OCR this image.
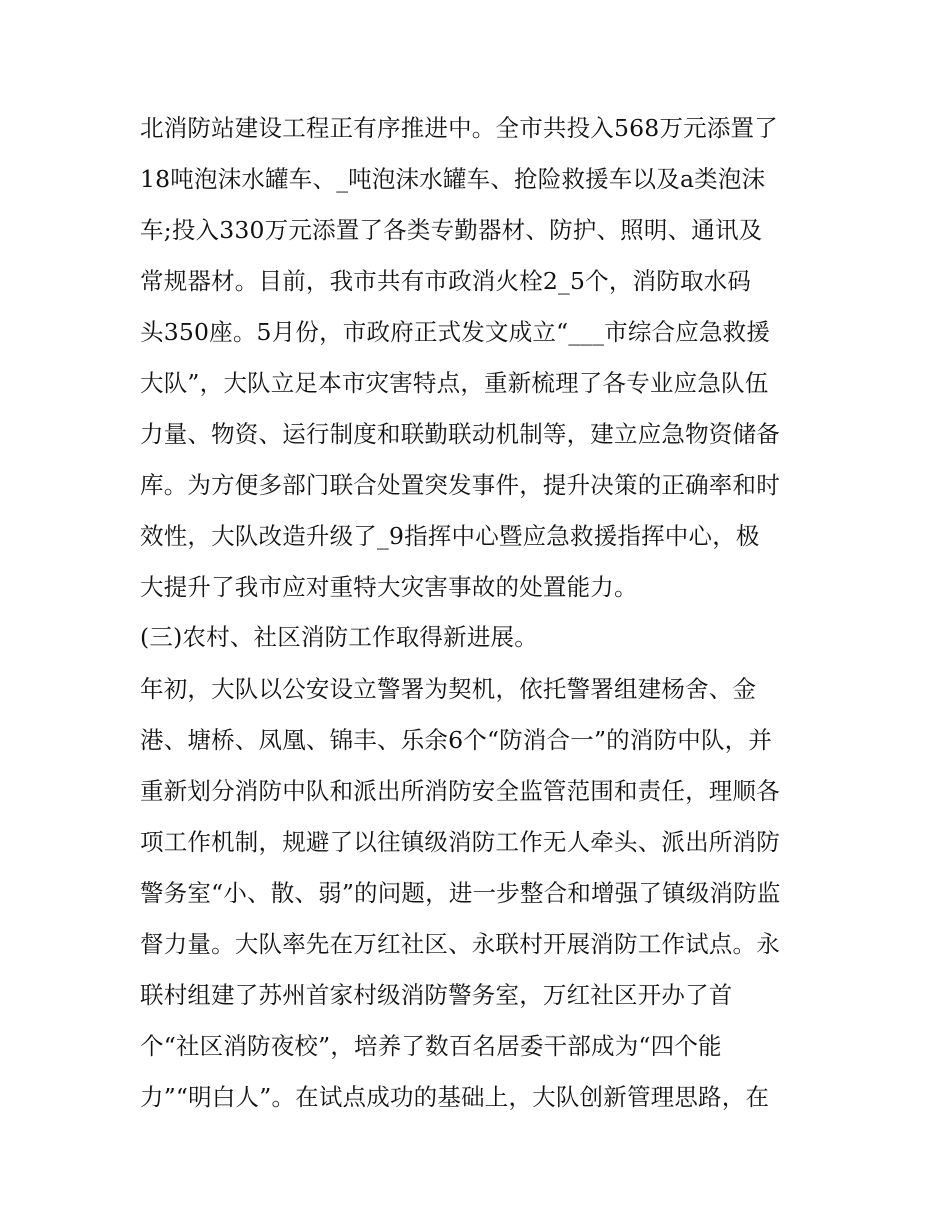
北消防站建设工程正有序推进中。全市共投入568万元添置了
18吨泡沫水罐车、_吨泡沫水罐车、抢险救援车以及a类泡沫
车;投入330万元添置了各类专勤器材、防护、照明、通讯及
常规器材。目前，我市共有市政消火栓2_5个，消防取水码
头350座。5月份，市政府正式发文成立“___市综合应急救援
大队”，大队立足本市灾害特点，重新梳理了各专业应急队伍
力量、物资、运行制度和联勤联动机制等，建立应急物资储备
库。为方便多部门联合处置突发事件，提升决策的正确率和时
效性，大队改造升级了_9指挥中心暨应急救援指挥中心，极
大提升了我市应对重特大灾害事故的处置能力。
(三)农村、社区消防工作取得新进展。
年初，大队以公安设立警署为契机，依托警署组建杨舍、金
港、塘桥、凤凰、锦丰、乐余6个“防消合一”的消防中队，并
重新划分消防中队和派出所消防安全监管范围和责任，理顺各
项工作机制，规避了以往镇级消防工作无人牵头、派出所消防
警务室“小、散、弱”的问题，进一步整合和增强了镇级消防监
督力量。大队率先在万红社区、永联村开展消防工作试点。永
联村组建了苏州首家村级消防警务室，万红社区开办了首
个“社区消防夜校”，培养了数百名居委干部成为“四个能
力”“明白人”。在试点成功的基础上，大队创新管理思路，在
